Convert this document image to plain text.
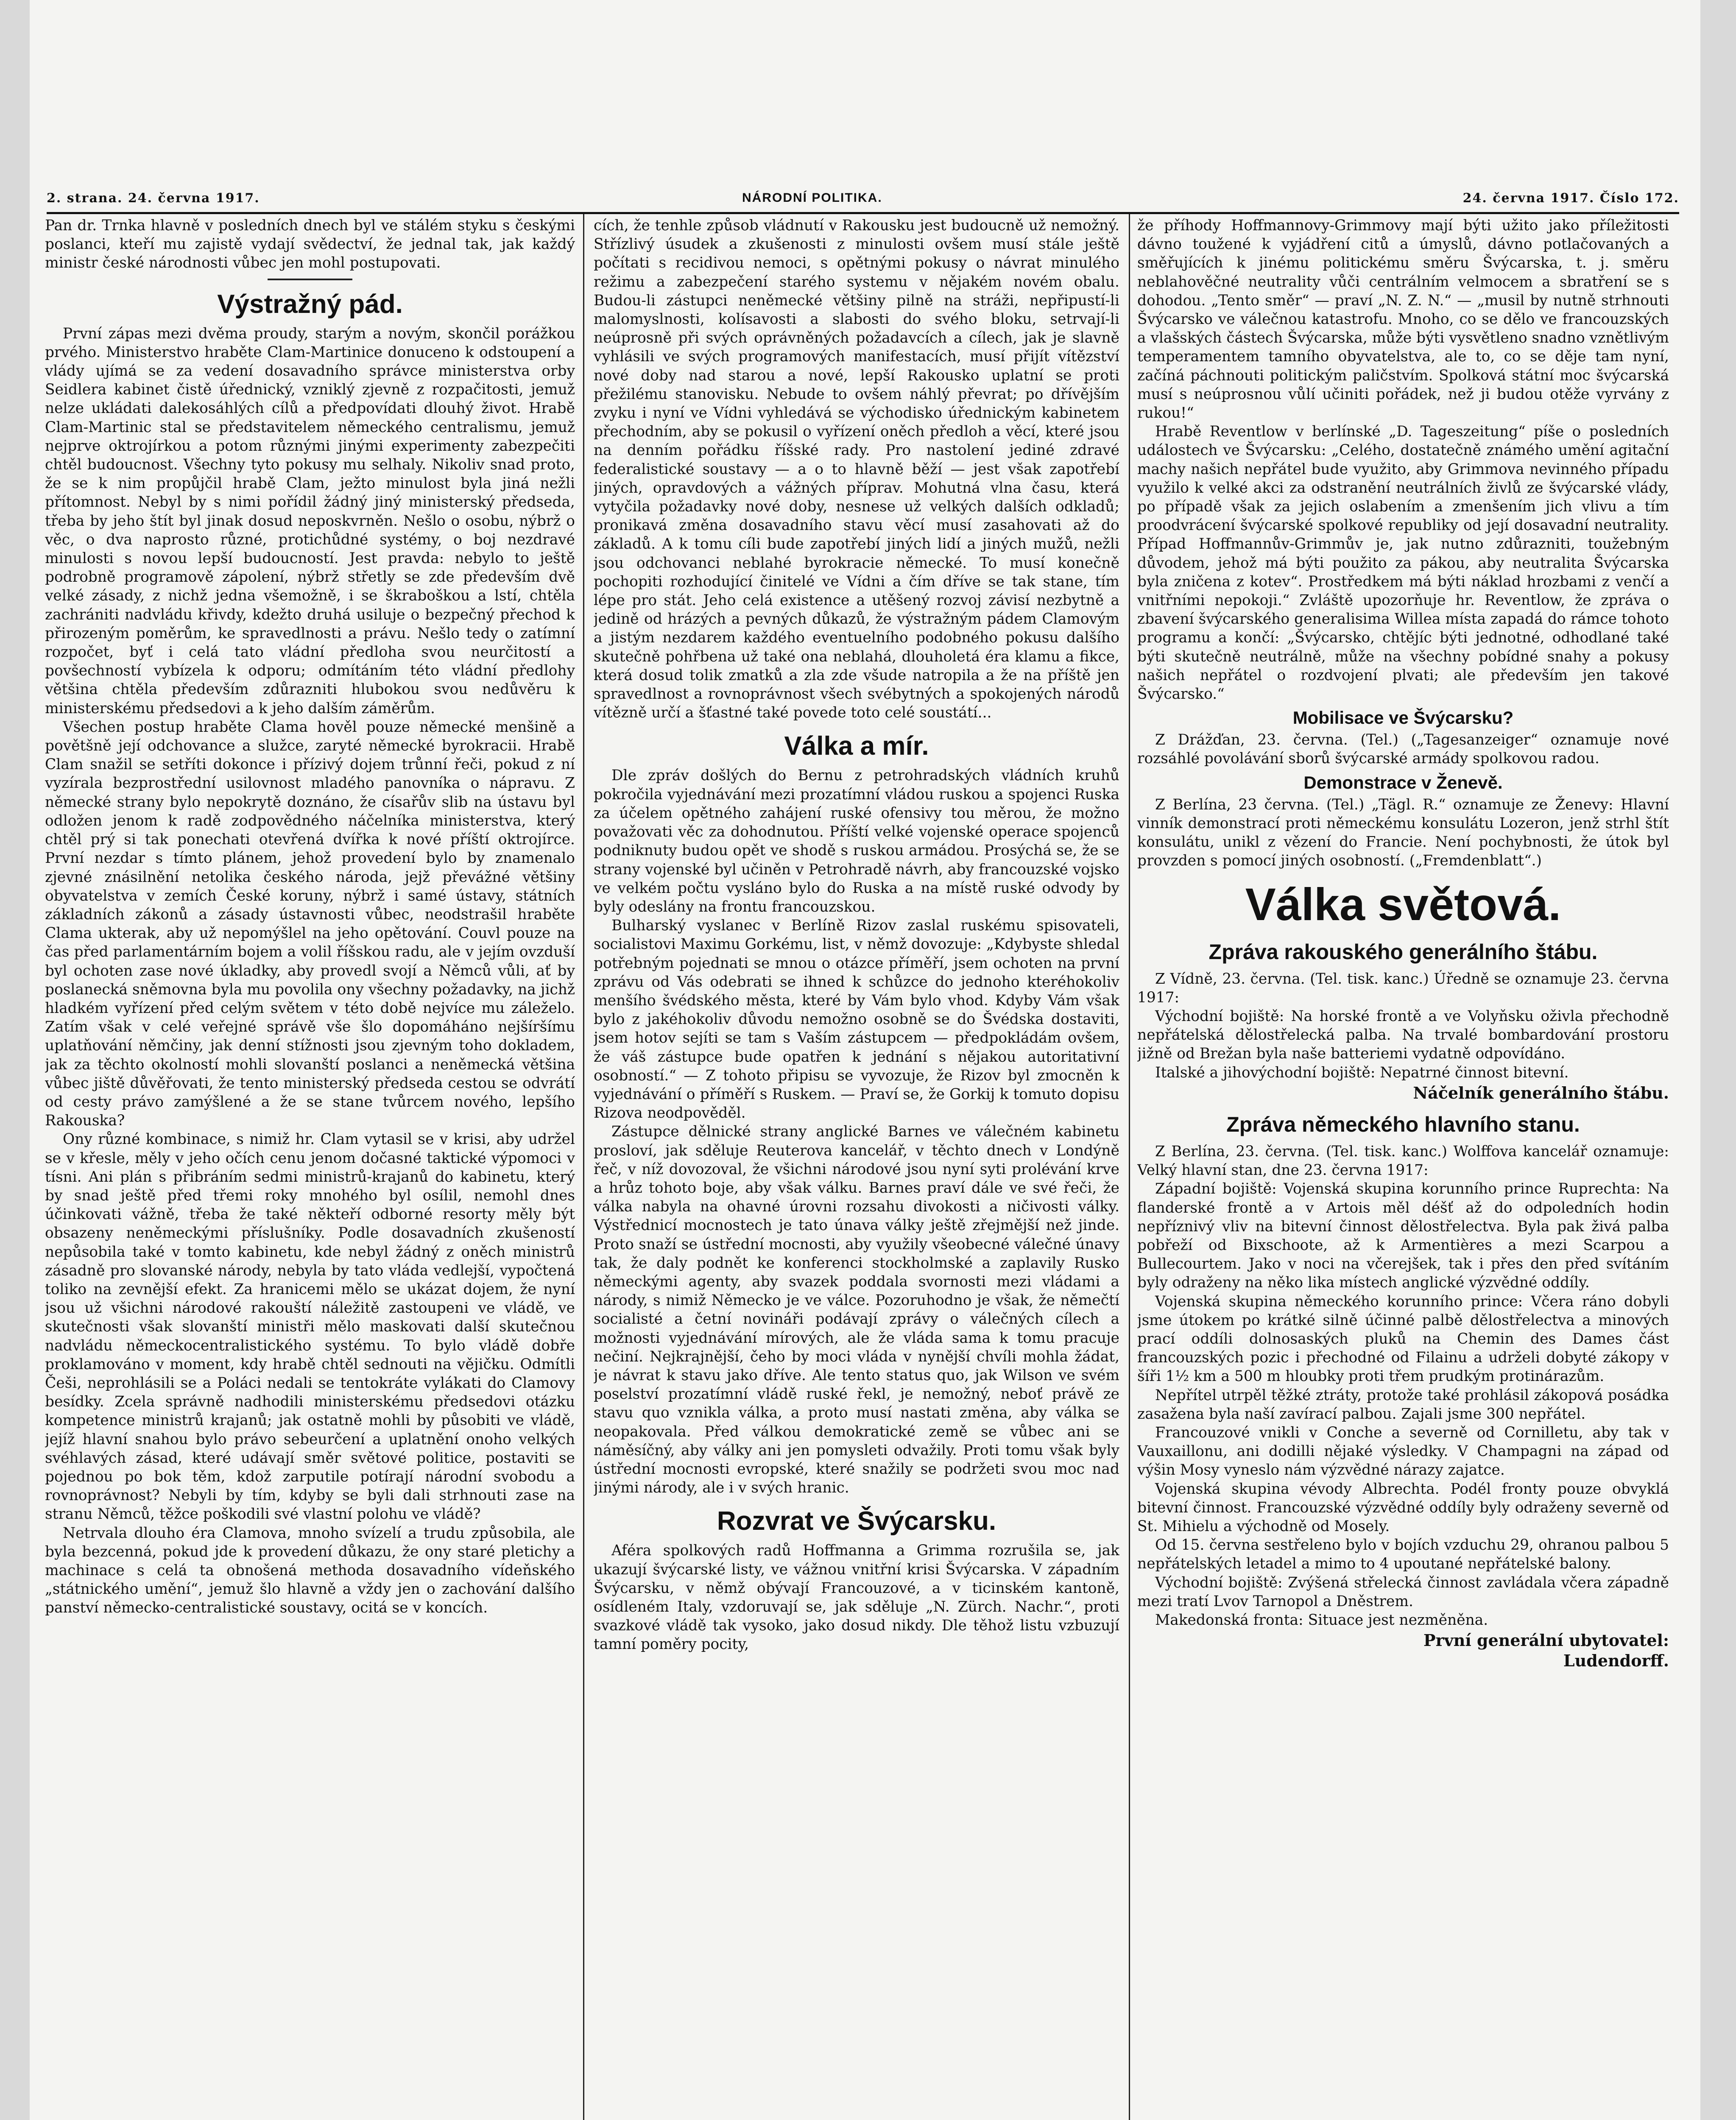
2. strana. 24. června 1917.	NÁRODNÍ POLITIKA.	24. června 1917. Číslo 172.

Pan dr. Trnka hlavně v posledních dnech byl ve stálém styku s českými poslanci, kteří mu zajistě vydají svědectví, že jednal tak, jak každý ministr české národnosti vůbec jen mohl postupovati.

Výstražný pád.

První zápas mezi dvěma proudy, starým a novým, skončil porážkou prvého. Ministerstvo hraběte Clam-Martinice donuceno k odstoupení a vlády ujímá se za vedení dosavadního správce ministerstva orby Seidlera kabinet čistě úřednický, vzniklý zjevně z rozpačitosti, jemuž nelze ukládati dalekosáhlých cílů a předpovídati dlouhý život. Hrabě Clam-Martinic stal se představitelem německého centralismu, jemuž nejprve oktrojírkou a potom různými jinými experimenty zabezpečiti chtěl budoucnost. Všechny tyto pokusy mu selhaly. Nikoliv snad proto, že se k nim propůjčil hrabě Clam, ježto minulost byla jiná nežli přítomnost. Nebyl by s nimi pořídil žádný jiný ministerský předseda, třeba by jeho štít byl jinak dosud neposkvrněn. Nešlo o osobu, nýbrž o věc, o dva naprosto různé, protichůdné systémy, o boj nezdravé minulosti s novou lepší budoucností. Jest pravda: nebylo to ještě podrobně programově zápolení, nýbrž střetly se zde především dvě velké zásady, z nichž jedna všemožně, i se škraboškou a lstí, chtěla zachrániti nadvládu křivdy, kdežto druhá usiluje o bezpečný přechod k přirozeným poměrům, ke spravedlnosti a právu. Nešlo tedy o zatímní rozpočet, byť i celá tato vládní předloha svou neurčitostí a povšechností vybízela k odporu; odmítáním této vládní předlohy většina chtěla především zdůrazniti hlubokou svou nedůvěru k ministerskému předsedovi a k jeho dalším záměrům.

Všechen postup hraběte Clama hověl pouze německé menšině a povětšně její odchovance a služce, zaryté německé byrokracii. Hrabě Clam snažil se setříti dokonce i přízivý dojem trůnní řeči, pokud z ní vyzírala bezprostřední usilovnost mladého panovníka o nápravu. Z německé strany bylo nepokrytě doznáno, že císařův slib na ústavu byl odložen jenom k radě zodpovědného náčelníka ministerstva, který chtěl prý si tak ponechati otevřená dvířka k nové příští oktrojírce. První nezdar s tímto plánem, jehož provedení bylo by znamenalo zjevné znásilnění netolika českého národa, jejž převážné většiny obyvatelstva v zemích České koruny, nýbrž i samé ústavy, státních základních zákonů a zásady ústavnosti vůbec, neodstrašil hraběte Clama ukterak, aby už nepomýšlel na jeho opětování. Couvl pouze na čas před parlamentárním bojem a volil říšskou radu, ale v jejím ovzduší byl ochoten zase nové úkladky, aby provedl svojí a Němců vůli, ať by poslanecká sněmovna byla mu povolila ony všechny požadavky, na jichž hladkém vyřízení před celým světem v této době nejvíce mu záleželo. Zatím však v celé veřejné správě vše šlo dopomáháno nejšíršímu uplatňování němčiny, jak denní stížnosti jsou zjevným toho dokladem, jak za těchto okolností mohli slovanští poslanci a neněmecká většina vůbec jiště důvěřovati, že tento ministerský předseda cestou se odvrátí od cesty právo zamýšlené a že se stane tvůrcem nového, lepšího Rakouska?

Ony různé kombinace, s nimiž hr. Clam vytasil se v krisi, aby udržel se v křesle, měly v jeho očích cenu jenom dočasné taktické výpomoci v tísni. Ani plán s přibráním sedmi ministrů-krajanů do kabinetu, který by snad ještě před třemi roky mnohého byl osílil, nemohl dnes účinkovati vážně, třeba že také někteří odborné resorty měly být obsazeny neněmeckými příslušníky. Podle dosavadních zkušeností nepůsobila také v tomto kabinetu, kde nebyl žádný z oněch ministrů zásadně pro slovanské národy, nebyla by tato vláda vedlejší, vypočtená toliko na zevnější efekt. Za hranicemi mělo se ukázat dojem, že nyní jsou už všichni národové rakouští náležitě zastoupeni ve vládě, ve skutečnosti však slovanští ministři mělo maskovati další skutečnou nadvládu německocentralistického systému. To bylo vládě dobře proklamováno v moment, kdy hrabě chtěl sednouti na vějičku. Odmítli Češi, neprohlásili se a Poláci nedali se tentokráte vylákati do Clamovy besídky. Zcela správně nadhodili ministerskému předsedovi otázku kompetence ministrů krajanů; jak ostatně mohli by působiti ve vládě, jejíž hlavní snahou bylo právo sebeurčení a uplatnění onoho velkých svéhlavých zásad, které udávají směr světové politice, postaviti se pojednou po bok těm, kdož zarputile potírají národní svobodu a rovnoprávnost? Nebyli by tím, kdyby se byli dali strhnouti zase na stranu Němců, těžce poškodili své vlastní polohu ve vládě?

Netrvala dlouho éra Clamova, mnoho svízelí a trudu způsobila, ale byla bezcenná, pokud jde k provedení důkazu, že ony staré pletichy a machinace s celá ta obnošená methoda dosavadního vídeňského „státnického umění“, jemuž šlo hlavně a vždy jen o zachování dalšího panství německo-centralistické soustavy, ocitá se v koncích.

cích, že tenhle způsob vládnutí v Rakousku jest budoucně už nemožný. Střízlivý úsudek a zkušenosti z minulosti ovšem musí stále ještě počítati s recidivou nemoci, s opětnými pokusy o návrat minulého režimu a zabezpečení starého systemu v nějakém novém obalu. Budou-li zástupci neněmecké většiny pilně na stráži, nepřipustí-li malomyslnosti, kolísavosti a slabosti do svého bloku, setrvají-li neúprosně při svých oprávněných požadavcích a cílech, jak je slavně vyhlásili ve svých programových manifestacích, musí přijít vítězství nové doby nad starou a nové, lepší Rakousko uplatní se proti přežilému stanovisku. Nebude to ovšem náhlý převrat; po dřívějším zvyku i nyní ve Vídni vyhledává se východisko úřednickým kabinetem přechodním, aby se pokusil o vyřízení oněch předloh a věcí, které jsou na denním pořádku říšské rady. Pro nastolení jediné zdravé federalistické soustavy — a o to hlavně běží — jest však zapotřebí jiných, opravdových a vážných příprav. Mohutná vlna času, která vytyčila požadavky nové doby, nesnese už velkých dalších odkladů; pronikavá změna dosavadního stavu věcí musí zasahovati až do základů. A k tomu cíli bude zapotřebí jiných lidí a jiných mužů, nežli jsou odchovanci neblahé byrokracie německé. To musí konečně pochopiti rozhodující činitelé ve Vídni a čím dříve se tak stane, tím lépe pro stát. Jeho celá existence a utěšený rozvoj závisí nezbytně a jedině od hrázých a pevných důkazů, že výstražným pádem Clamovým a jistým nezdarem každého eventuelního podobného pokusu dalšího skutečně pohřbena už také ona neblahá, dlouholetá éra klamu a fikce, která dosud tolik zmatků a zla zde všude natropila a že na příště jen spravedlnost a rovnoprávnost všech svébytných a spokojených národů vítězně určí a šťastné také povede toto celé soustátí...

Válka a mír.

Dle zpráv došlých do Bernu z petrohradských vládních kruhů pokročila vyjednávání mezi prozatímní vládou ruskou a spojenci Ruska za účelem opětného zahájení ruské ofensivy tou měrou, že možno považovati věc za dohodnutou. Příští velké vojenské operace spojenců podniknuty budou opět ve shodě s ruskou armádou. Prosýchá se, že se strany vojenské byl učiněn v Petrohradě návrh, aby francouzské vojsko ve velkém počtu vysláno bylo do Ruska a na místě ruské odvody by byly odeslány na frontu francouzskou.

Bulharský vyslanec v Berlíně Rizov zaslal ruskému spisovateli, socialistovi Maximu Gorkému, list, v němž dovozuje: „Kdybyste shledal potřebným pojednati se mnou o otázce příměří, jsem ochoten na první zprávu od Vás odebrati se ihned k schůzce do jednoho kteréhokoliv menšího švédského města, které by Vám bylo vhod. Kdyby Vám však bylo z jakéhokoliv důvodu nemožno osobně se do Švédska dostaviti, jsem hotov sejíti se tam s Vaším zástupcem — předpokládám ovšem, že váš zástupce bude opatřen k jednání s nějakou autoritativní osobností.“ — Z tohoto připisu se vyvozuje, že Rizov byl zmocněn k vyjednávání o příměří s Ruskem. — Praví se, že Gorkij k tomuto dopisu Rizova neodpověděl.

Zástupce dělnické strany anglické Barnes ve válečném kabinetu prosloví, jak sděluje Reuterova kancelář, v těchto dnech v Londýně řeč, v níž dovozoval, že všichni národové jsou nyní syti prolévání krve a hrůz tohoto boje, aby však válku. Barnes praví dále ve své řeči, že válka nabyla na ohavné úrovni rozsahu divokosti a ničivosti války. Výstřednicí mocnostech je tato únava války ještě zřejmější než jinde. Proto snaží se ústřední mocnosti, aby využily všeobecné válečné únavy tak, že daly podnět ke konferenci stockholmské a zaplavily Rusko německými agenty, aby svazek poddala svornosti mezi vládami a národy, s nimiž Německo je ve válce. Pozoruhodno je však, že němečtí socialisté a četní novináři podávají zprávy o válečných cílech a možnosti vyjednávání mírových, ale že vláda sama k tomu pracuje nečiní. Nejkrajnější, čeho by moci vláda v nynější chvíli mohla žádat, je návrat k stavu jako dříve. Ale tento status quo, jak Wilson ve svém poselství prozatímní vládě ruské řekl, je nemožný, neboť právě ze stavu quo vznikla válka, a proto musí nastati změna, aby válka se neopakovala. Před válkou demokratické země se vůbec ani se náměsíčný, aby války ani jen pomysleti odvažily. Proti tomu však byly ústřední mocnosti evropské, které snažily se podržeti svou moc nad jinými národy, ale i v svých hranic.

Rozvrat ve Švýcarsku.

Aféra spolkových radů Hoffmanna a Grimma rozrušila se, jak ukazují švýcarské listy, ve vážnou vnitřní krisi Švýcarska. V západním Švýcarsku, v němž obývají Francouzové, a v ticinském kantoně, osídleném Italy, vzdoruvají se, jak sděluje „N. Zürch. Nachr.“, proti svazkové vládě tak vysoko, jako dosud nikdy. Dle těhož listu vzbuzují tamní poměry pocity,

že příhody Hoffmannovy-Grimmovy mají býti užito jako příležitosti dávno toužené k vyjádření citů a úmyslů, dávno potlačovaných a směřujících k jinému politickému směru Švýcarska, t. j. směru neblahověčné neutrality vůči centrálním velmocem a sbratření se s dohodou. „Tento směr“ — praví „N. Z. N.“ — „musil by nutně strhnouti Švýcarsko ve válečnou katastrofu. Mnoho, co se dělo ve francouzských a vlašských částech Švýcarska, může býti vysvětleno snadno vznětlivým temperamentem tamního obyvatelstva, ale to, co se děje tam nyní, začíná páchnouti politickým paličstvím. Spolková státní moc švýcarská musí s neúprosnou vůlí učiniti pořádek, než ji budou otěže vyrvány z rukou!“

Hrabě Reventlow v berlínské „D. Tageszeitung“ píše o posledních událostech ve Švýcarsku: „Celého, dostatečně známého umění agitační machy našich nepřátel bude využito, aby Grimmova nevinného případu využilo k velké akci za odstranění neutrálních živlů ze švýcarské vlády, po případě však za jejich oslabením a zmenšením jich vlivu a tím proodvrácení švýcarské spolkové republiky od její dosavadní neutrality. Případ Hoffmannův-Grimmův je, jak nutno zdůrazniti, toužebným důvodem, jehož má býti použito za pákou, aby neutralita Švýcarska byla zničena z kotev“. Prostředkem má býti náklad hrozbami z venčí a vnitřními nepokoji.“ Zvláště upozorňuje hr. Reventlow, že zpráva o zbavení švýcarského generalisima Willea místa zapadá do rámce tohoto programu a končí: „Švýcarsko, chtějíc býti jednotné, odhodlané také býti skutečně neutrálně, může na všechny pobídné snahy a pokusy našich nepřátel o rozdvojení plvati; ale především jen takové Švýcarsko.“

Mobilisace ve Švýcarsku?

Z Drážďan, 23. června. (Tel.) („Tagesanzeiger“ oznamuje nové rozsáhlé povolávání sborů švýcarské armády spolkovou radou.

Demonstrace v Ženevě.

Z Berlína, 23 června. (Tel.) „Tägl. R.“ oznamuje ze Ženevy: Hlavní vinník demonstrací proti německému konsulátu Lozeron, jenž strhl štít konsulátu, unikl z vězení do Francie. Není pochybnosti, že útok byl provzden s pomocí jiných osobností. („Fremdenblatt“.)

Válka světová.
Zpráva rakouského generálního štábu.

Z Vídně, 23. června. (Tel. tisk. kanc.) Úředně se oznamuje 23. června 1917:

Východní bojiště: Na horské frontě a ve Volyňsku oživla přechodně nepřátelská dělostřelecká palba. Na trvalé bombardování prostoru jižně od Brežan byla naše batteriemi vydatně odpovídáno.

Italské a jihovýchodní bojiště: Nepatrné činnost bitevní.

Náčelník generálního štábu.
Zpráva německého hlavního stanu.

Z Berlína, 23. června. (Tel. tisk. kanc.) Wolffova kancelář oznamuje: Velký hlavní stan, dne 23. června 1917:

Západní bojiště: Vojenská skupina korunního prince Ruprechta: Na flanderské frontě a v Artois měl déšť až do odpoledních hodin nepříznivý vliv na bitevní činnost dělostřelectva. Byla pak živá palba pobřeží od Bixschoote, až k Armentières a mezi Scarpou a Bullecourtem. Jako v noci na včerejšek, tak i přes den před svítáním byly odraženy na něko lika místech anglické výzvědné oddíly.

Vojenská skupina německého korunního prince: Včera ráno dobyli jsme útokem po krátké silně účinné palbě dělostřelectva a minových prací oddíli dolnosaských pluků na Chemin des Dames část francouzských pozic i přechodné od Filainu a udrželi dobyté zákopy v šíři 1½ km a 500 m hloubky proti třem prudkým protinárazům.

Nepřítel utrpěl těžké ztráty, protože také prohlásil zákopová posádka zasažena byla naší zavírací palbou. Zajali jsme 300 nepřátel.

Francouzové vnikli v Conche a severně od Cornilletu, aby tak v Vauxaillonu, ani dodilli nějaké výsledky. V Champagni na západ od výšin Mosy vyneslo nám výzvědné nárazy zajatce.

Vojenská skupina vévody Albrechta. Podél fronty pouze obvyklá bitevní činnost. Francouzské výzvědné oddíly byly odraženy severně od St. Mihielu a východně od Mosely.

Od 15. června sestřeleno bylo v bojích vzduchu 29, ohranou palbou 5 nepřátelských letadel a mimo to 4 upoutané nepřátelské balony.

Východní bojiště: Zvýšená střelecká činnost zavládala včera západně mezi tratí Lvov Tarnopol a Dněstrem.

Makedonská fronta: Situace jest nezměněna.

První generální ubytovatel:
Ludendorff.
